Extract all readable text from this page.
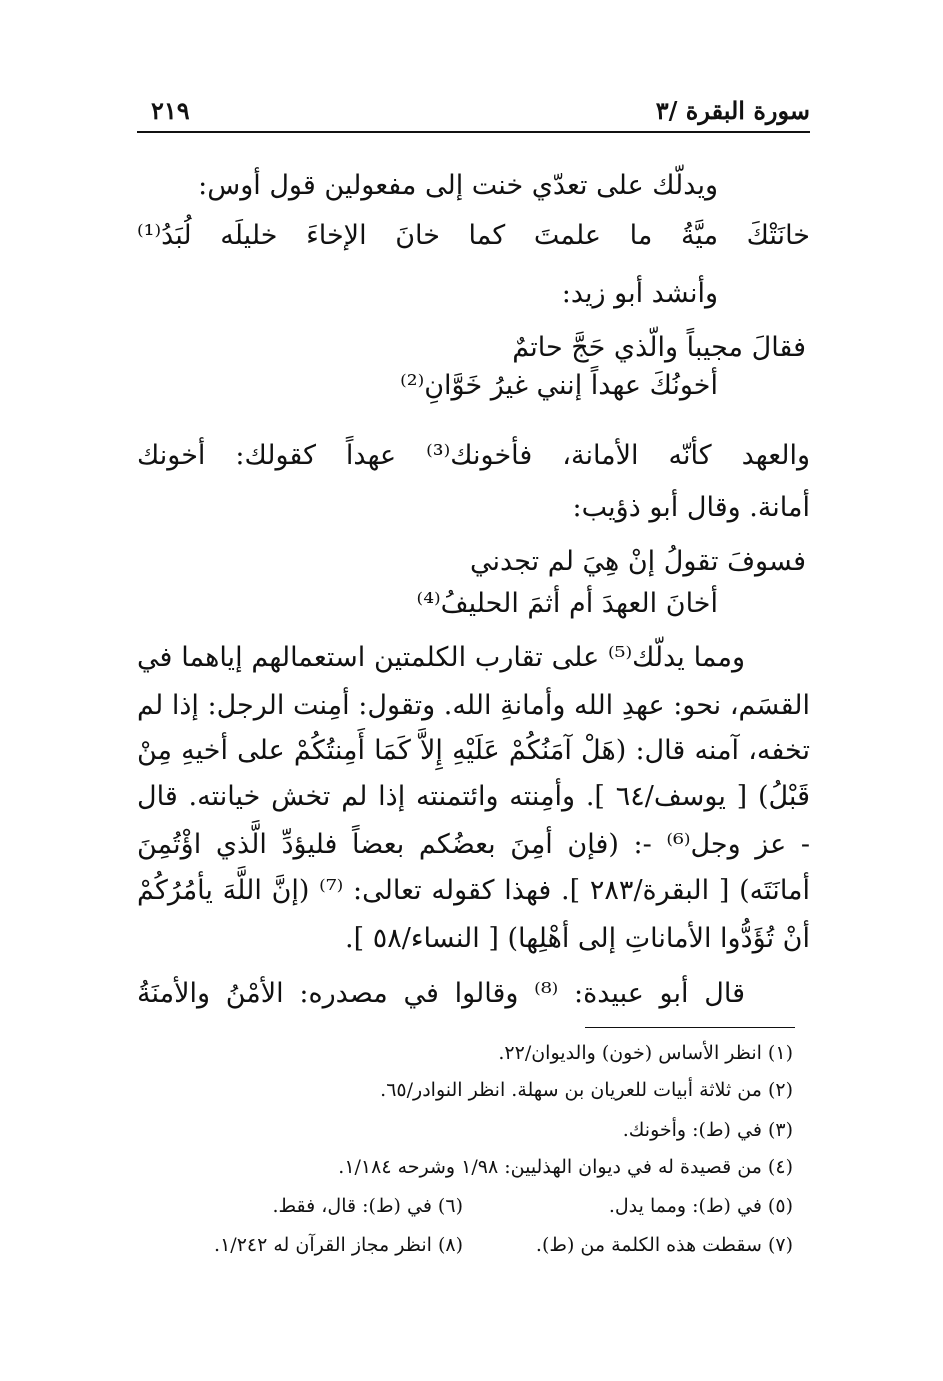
سورة البقرة /٣
٢١٩
ويدلّك على تعدّي خنت إلى مفعولين قول أوس:
خانَتْكَ ميَّةُ ما علمتَ كما خانَ الإخاءَ خليلَه لُبَدُ⁽¹⁾
وأنشد أبو زيد:
فقالَ مجيباً والّذي حَجَّ حاتمٌ
أخونُكَ عهداً إنني غيرُ خَوَّانِ⁽²⁾
والعهد كأنّه الأمانة، فأخونك⁽³⁾ عهداً كقولك: أخونك
أمانة. وقال أبو ذؤيب:
فسوفَ تقولُ إنْ هِيَ لم تجدني
أخانَ العهدَ أم أثمَ الحليفُ⁽⁴⁾
ومما يدلّك⁽⁵⁾ على تقارب الكلمتين استعمالهم إياهما في
القسَم، نحو: عهدِ الله وأمانةِ الله. وتقول: أمِنت الرجل: إذا لم
تخفه، آمنه قال: (هَلْ آمَنُكُمْ عَلَيْهِ إِلاَّ كَمَا أَمِنتُكُمْ على أخيهِ مِنْ
قَبْلُ) [ يوسف/٦٤ ]. وأمِنته وائتمنته إذا لم تخش خيانته. قال
- عز وجل⁽⁶⁾ -: (فإن أمِنَ بعضُكم بعضاً فليؤدِّ الَّذي اؤْتُمِنَ
أمانَتَه) [ البقرة/٢٨٣ ]. فهذا كقوله تعالى: ⁽⁷⁾ (إنَّ اللَّهَ يأمُرُكُمْ
أنْ تُؤَدُّوا الأماناتِ إلى أهْلِها) [ النساء/٥٨ ].
قال أبو عبيدة: ⁽⁸⁾ وقالوا في مصدره: الأمْنُ والأمنَةُ
(١) انظر الأساس (خون) والديوان/٢٢.
(٢) من ثلاثة أبيات للعريان بن سهلة. انظر النوادر/٦٥.
(٣) في (ط): وأخونك.
(٤) من قصيدة له في ديوان الهذليين: ١/٩٨ وشرحه ١/١٨٤.
(٥) في (ط): ومما يدل.
(٦) في (ط): قال، فقط.
(٧) سقطت هذه الكلمة من (ط).
(٨) انظر مجاز القرآن له ١/٢٤٢.
